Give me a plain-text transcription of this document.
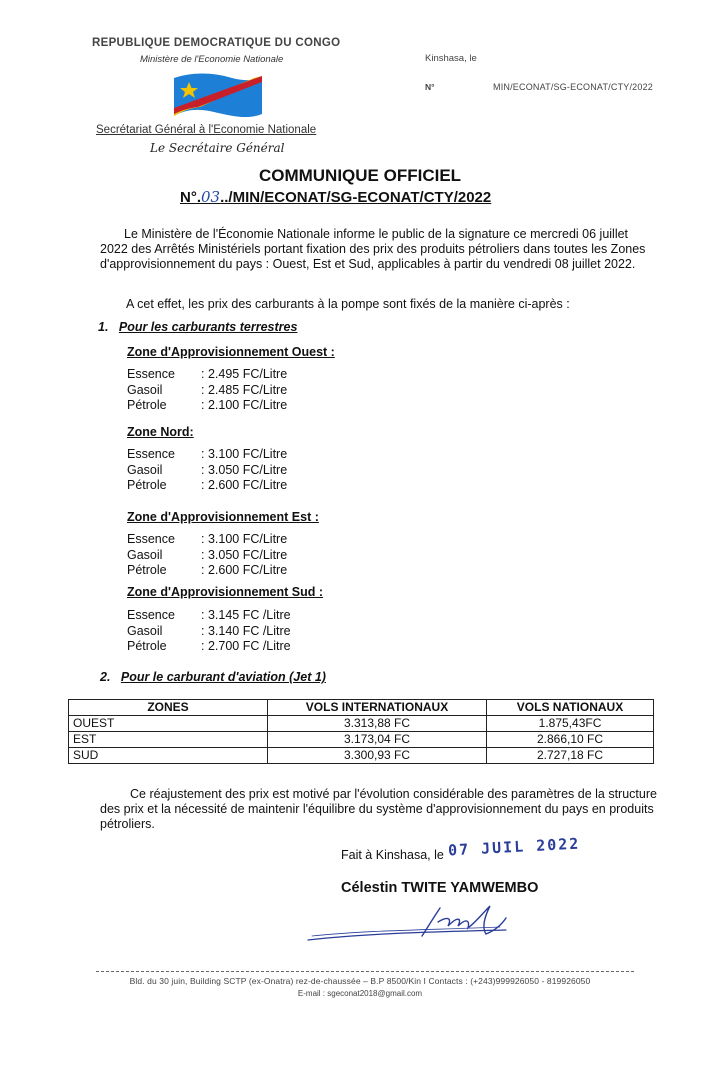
REPUBLIQUE DEMOCRATIQUE DU CONGO
Ministère de l'Economie Nationale
Secrétariat Général à l'Economie Nationale
Le Secrétaire Général
Kinshasa, le
N°	MIN/ECONAT/SG-ECONAT/CTY/2022
COMMUNIQUE OFFICIEL
N°.03../MIN/ECONAT/SG-ECONAT/CTY/2022
Le Ministère de l'Économie Nationale informe le public de la signature ce mercredi 06 juillet 2022 des Arrêtés Ministériels portant fixation des prix des produits pétroliers dans toutes les Zones d'approvisionnement du pays : Ouest, Est et Sud, applicables à partir du vendredi 08 juillet 2022.
A cet effet, les prix des carburants à la pompe sont fixés de la manière ci-après :
1. Pour les carburants terrestres
Zone d'Approvisionnement Ouest :
Essence : 2.495 FC/Litre
Gasoil	: 2.485 FC/Litre
Pétrole	: 2.100 FC/Litre
Zone Nord:
Essence : 3.100 FC/Litre
Gasoil	: 3.050 FC/Litre
Pétrole	: 2.600 FC/Litre
Zone d'Approvisionnement Est :
Essence : 3.100 FC/Litre
Gasoil	: 3.050 FC/Litre
Pétrole	: 2.600 FC/Litre
Zone d'Approvisionnement Sud :
Essence : 3.145 FC /Litre
Gasoil	: 3.140 FC /Litre
Pétrole	: 2.700 FC /Litre
2. Pour le carburant d'aviation (Jet 1)
ZONES	VOLS INTERNATIONAUX	VOLS NATIONAUX
OUEST	3.313,88 FC	1.875,43FC
EST	3.173,04 FC	2.866,10 FC
SUD	3.300,93 FC	2.727,18 FC
Ce réajustement des prix est motivé par l'évolution considérable des paramètres de la structure des prix et la nécessité de maintenir l'équilibre du système d'approvisionnement du pays en produits pétroliers.
Fait à Kinshasa, le 07 JUIL 2022
Célestin TWITE YAMWEMBO
Bld. du 30 juin, Building SCTP (ex-Onatra) rez-de-chaussée – B.P 8500/Kin I Contacts : (+243)999926050 - 819926050
E-mail : sgeconat2018@gmail.com
